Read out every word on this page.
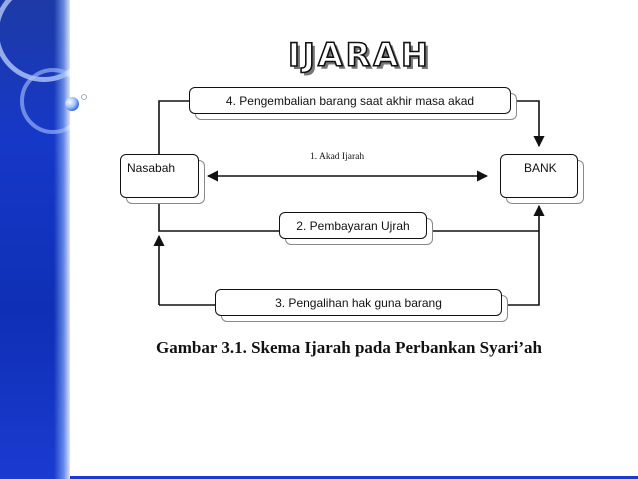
IJARAH
Nasabah	BANK
1. Akad Ijarah
4. Pengembalian barang saat akhir masa akad
2. Pembayaran Ujrah
3. Pengalihan hak guna barang
Gambar 3.1. Skema Ijarah pada Perbankan Syari’ah
